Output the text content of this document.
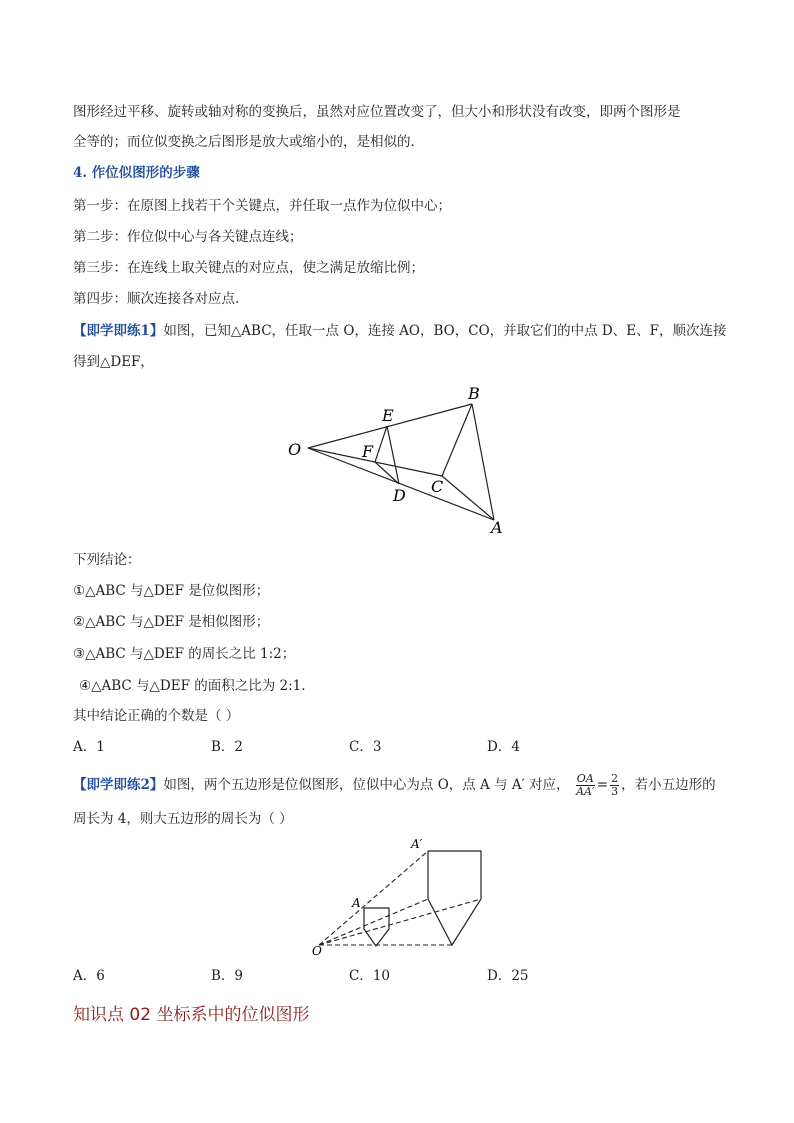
图形经过平移、旋转或轴对称的变换后，虽然对应位置改变了，但大小和形状没有改变，即两个图形是
全等的；而位似变换之后图形是放大或缩小的，是相似的.
4. 作位似图形的步骤
第一步：在原图上找若干个关键点，并任取一点作为位似中心；
第二步：作位似中心与各关键点连线；
第三步：在连线上取关键点的对应点，使之满足放缩比例；
第四步：顺次连接各对应点.
【即学即练1】如图，已知△ABC，任取一点 O，连接 AO，BO，CO，并取它们的中点 D、E、F，顺次连接
得到△DEF，
O
E
B
F
C
D
A
下列结论：
①△ABC 与△DEF 是位似图形；
②△ABC 与△DEF 是相似图形；
③△ABC 与△DEF 的周长之比 1:2；
④△ABC 与△DEF 的面积之比为 2:1.
其中结论正确的个数是（ ）
A．1	B．2	C．3	D．4
【即学即练2】如图，两个五边形是位似图形，位似中心为点 O，点 A 与 A′ 对应， $\frac{OA}{AA'} = \frac{2}{3}$ ，若小五边形的
周长为 4，则大五边形的周长为（ ）
A′
A
O
A．6	B．9	C．10	D．25
知识点 02 坐标系中的位似图形
